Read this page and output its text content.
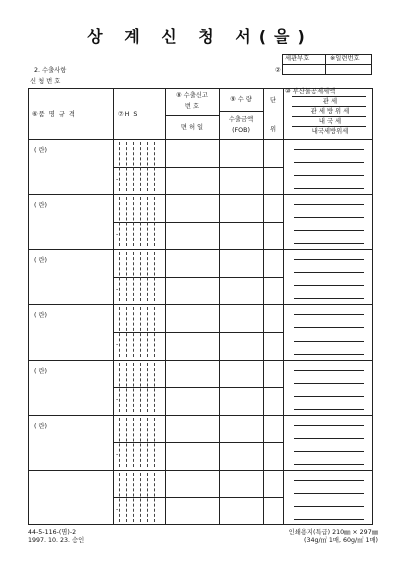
상 계 신 청 서(을)
세관부호	※일련번호
2. 수출사항
신 청 번 호
②
( 란)
-
( 란)
-
( 란)
-
( 란)
-
( 란)
-
( 란)
-
-
⑥품 명 규 격	⑦H S
⑧ 수출신고
번 호
면 허 일
⑨ 수 량
수출금액
(FOB)
단
위
⑩ 부산물공제세액
관 세
관 세 방 위 세
내 국 세
내국세방위세
44-5-116-(몀)-2
1997. 10. 23. 승인
인쇄용지(특급) 210㎜ × 297㎜
(34g/㎡ 1매, 60g/㎡ 1매)
